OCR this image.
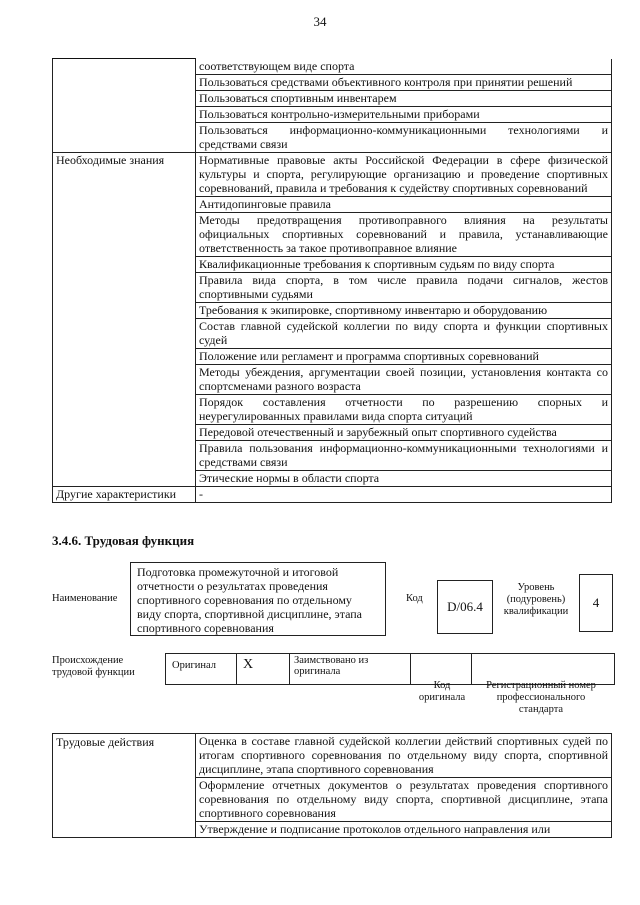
34
	соответствующем виде спорта
	Пользоваться средствами объективного контроля при принятии решений
	Пользоваться спортивным инвентарем
	Пользоваться контрольно-измерительными приборами
	Пользоваться информационно-коммуникационными технологиями и средствами связи
Необходимые знания	Нормативные правовые акты Российской Федерации в сфере физической культуры и спорта, регулирующие организацию и проведение спортивных соревнований, правила и требования к судейству спортивных соревнований
	Антидопинговые правила
	Методы предотвращения противоправного влияния на результаты официальных спортивных соревнований и правила, устанавливающие ответственность за такое противоправное влияние
	Квалификационные требования к спортивным судьям по виду спорта
	Правила вида спорта, в том числе правила подачи сигналов, жестов спортивными судьями
	Требования к экипировке, спортивному инвентарю и оборудованию
	Состав главной судейской коллегии по виду спорта и функции спортивных судей
	Положение или регламент и программа спортивных соревнований
	Методы убеждения, аргументации своей позиции, установления контакта со спортсменами разного возраста
	Порядок составления отчетности по разрешению спорных и неурегулированных правилами вида спорта ситуаций
	Передовой отечественный и зарубежный опыт спортивного судейства
	Правила пользования информационно-коммуникационными технологиями и средствами связи
	Этические нормы в области спорта
Другие характеристики	-
3.4.6. Трудовая функция
Наименование
Подготовка промежуточной и итоговой отчетности о результатах проведения спортивного соревнования по отдельному виду спорта, спортивной дисциплине, этапа спортивного соревнования
Код
D/06.4
Уровень (подуровень) квалификации
4
Происхождение трудовой функции
Оригинал	X	Заимствовано из оригинала		
Код оригинала
Регистрационный номер профессионального стандарта
Трудовые действия	Оценка в составе главной судейской коллегии действий спортивных судей по итогам спортивного соревнования по отдельному виду спорта, спортивной дисциплине, этапа спортивного соревнования
Оформление отчетных документов о результатах проведения спортивного соревнования по отдельному виду спорта, спортивной дисциплине, этапа спортивного соревнования
Утверждение и подписание протоколов отдельного направления или
